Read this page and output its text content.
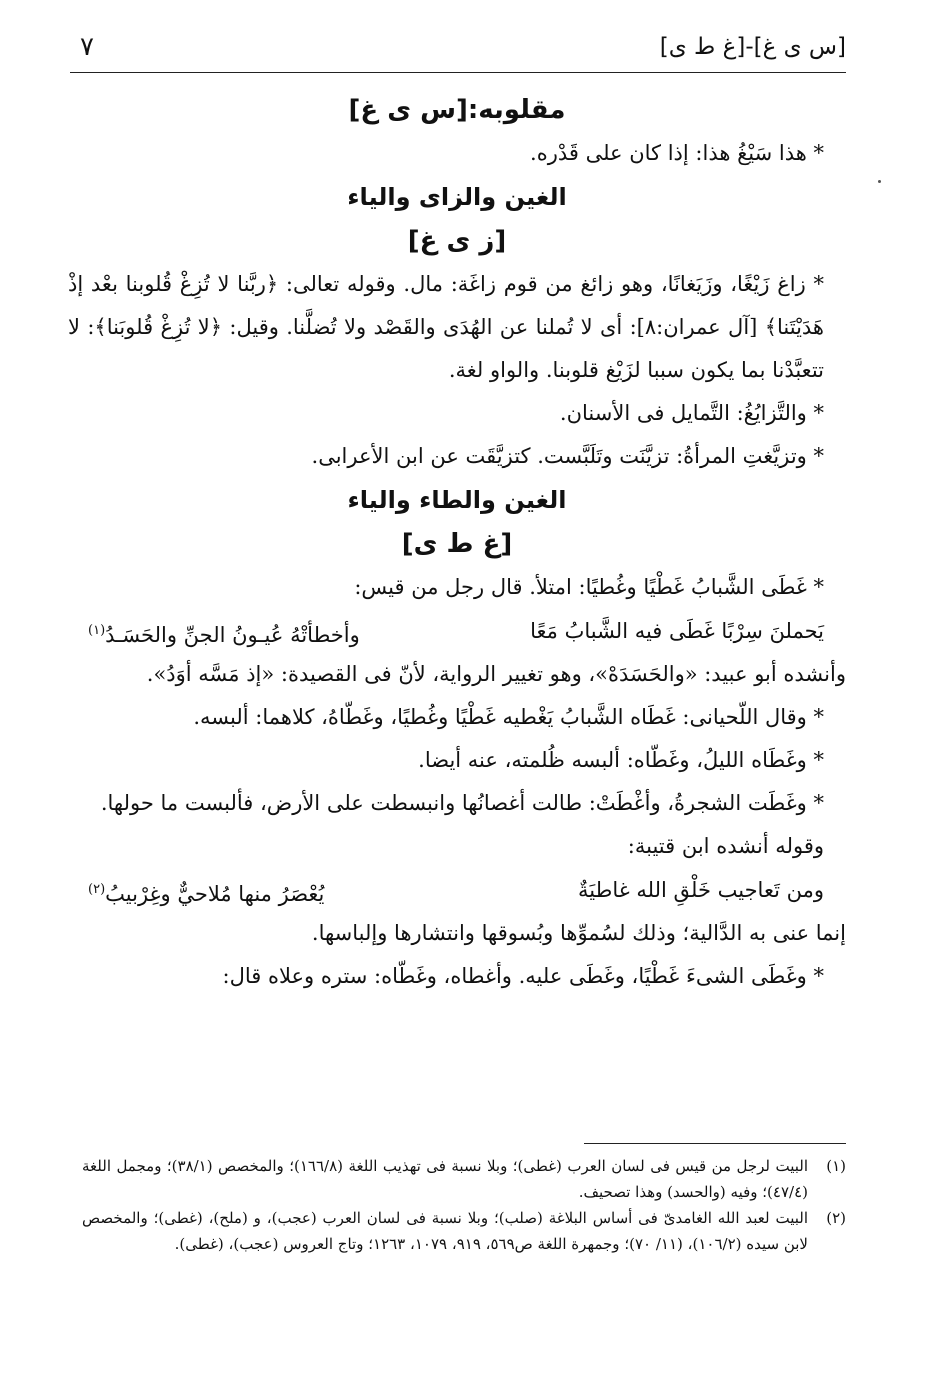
[س ی غ]-[غ ط ی]
٧
مقلوبه:[س ی غ]

* هذا سَيْغُ هذا: إذا كان على قَدْره.

الغين والزاى والياء
[ز ی غ]

* زاغ زَيْغًا، وزَيَغانًا، وهو زائغ من قوم زاغَة: مال. وقوله تعالى: ﴿ربَّنا لا تُزِغْ قُلوبنا بعْد إذْ هَدَيْتَنا﴾ [آل عمران:٨]: أى لا تُملنا عن الهُدَى والقَصْد ولا تُضلَّنا. وقيل: ﴿لا تُزِغْ قُلوبَنا﴾: لا تتعبَّدْنا بما يكون سببا لزَيْغ قلوبنا. والواو لغة.

* والتَّزايُغُ: التَّمايل فى الأسنان.

* وتزيَّغتِ المرأةُ: تزيَّنَت وتَلَبَّست. كتزيَّقَت عن ابن الأعرابى.

الغين والطاء والياء
[غ ط ی]

* غَطَى الشَّبابُ غَطْيًا وغُطيًا: امتلأ. قال رجل من قيس:

يَحملنَ سِرْبًا غَطَى فيه الشَّبابُ مَعًا
وأخطأتْهُ عُيـونُ الجنِّ والحَسَـدُ$^{(١)}$

وأنشده أبو عبيد: «والحَسَدَهْ»، وهو تغيير الرواية، لأنّ فى القصيدة: «إذ مَسَّه أوَدُ».

* وقال اللّحيانى: غَطَاه الشَّبابُ يَغْطيه غَطْيًا وغُطيًا، وغَطّاهُ، كلاهما: ألبسه.

* وغَطَاه الليلُ، وغَطّاه: ألبسه ظُلمته، عنه أيضا.

* وغَطَت الشجرةُ، وأغْطَتْ: طالت أغصانُها وانبسطت على الأرض، فألبست ما حولها.

وقوله أنشده ابن قتيبة:

ومن تَعاجيب خَلْقِ الله غاطيَةٌ
يُعْصَرُ منها مُلاحيٌّ وغِرْبيبُ$^{(٢)}$

إنما عنى به الدَّالية؛ وذلك لسُموِّها وبُسوقها وانتشارها وإلباسها.

* وغَطَى الشىءَ غَطْيًا، وغَطَى عليه. وأغطاه، وغَطّاه: ستره وعلاه قال:

(١)
البيت لرجل من قيس فى لسان العرب (غطى)؛ وبلا نسبة فى تهذيب اللغة (١٦٦/٨)؛ والمخصص (٣٨/١)؛ ومجمل اللغة (٤٧/٤)؛ وفيه (والحسد) وهذا تصحيف.
(٢)
البيت لعبد الله الغامدىّ فى أساس البلاغة (صلب)؛ وبلا نسبة فى لسان العرب (عجب)، و (ملح)، (غطى)؛ والمخصص لابن سيده (١٠٦/٢)، (١١/ ٧٠)؛ وجمهرة اللغة ص٥٦٩، ٩١٩، ١٠٧٩، ١٢٦٣؛ وتاج العروس (عجب)، (غطى).
